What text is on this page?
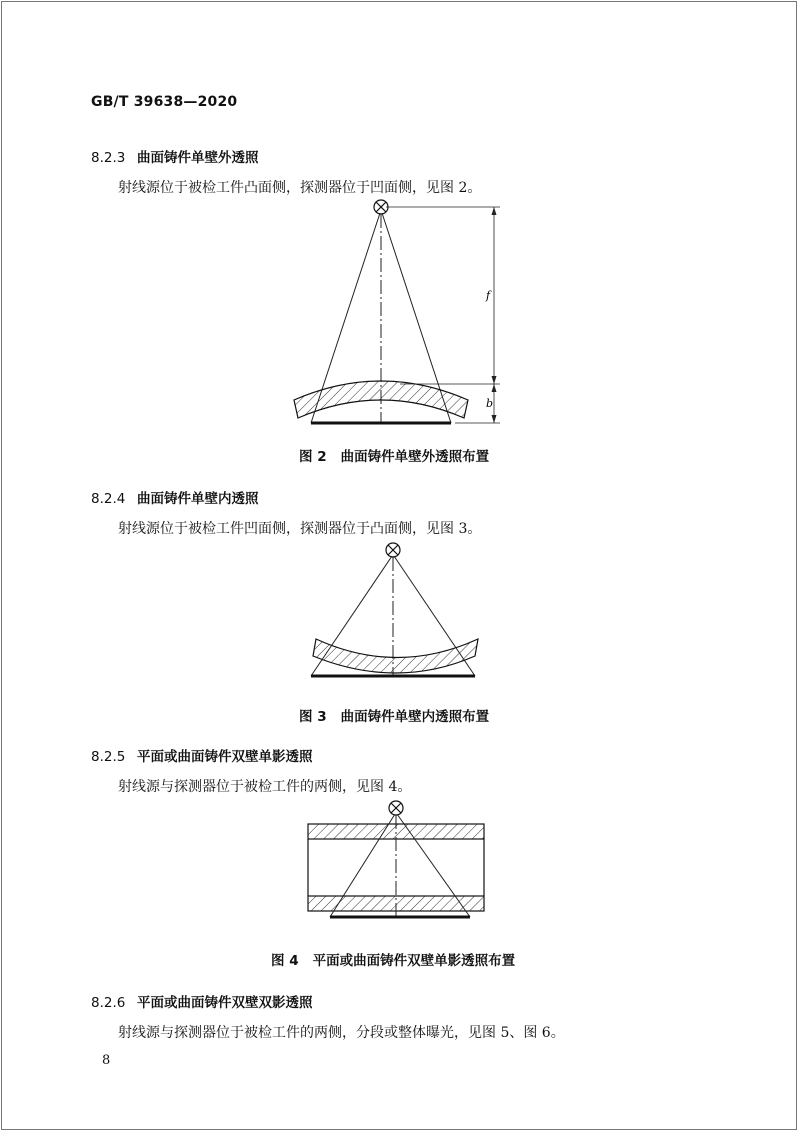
GB/T 39638—2020
8.2.3 曲面铸件单壁外透照
射线源位于被检工件凸面侧，探测器位于凹面侧，见图 2。
f
b
图 2 曲面铸件单壁外透照布置
8.2.4 曲面铸件单壁内透照
射线源位于被检工件凹面侧，探测器位于凸面侧，见图 3。
图 3 曲面铸件单壁内透照布置
8.2.5 平面或曲面铸件双壁单影透照
射线源与探测器位于被检工件的两侧，见图 4。
图 4 平面或曲面铸件双壁单影透照布置
8.2.6 平面或曲面铸件双壁双影透照
射线源与探测器位于被检工件的两侧，分段或整体曝光，见图 5、图 6。
8
